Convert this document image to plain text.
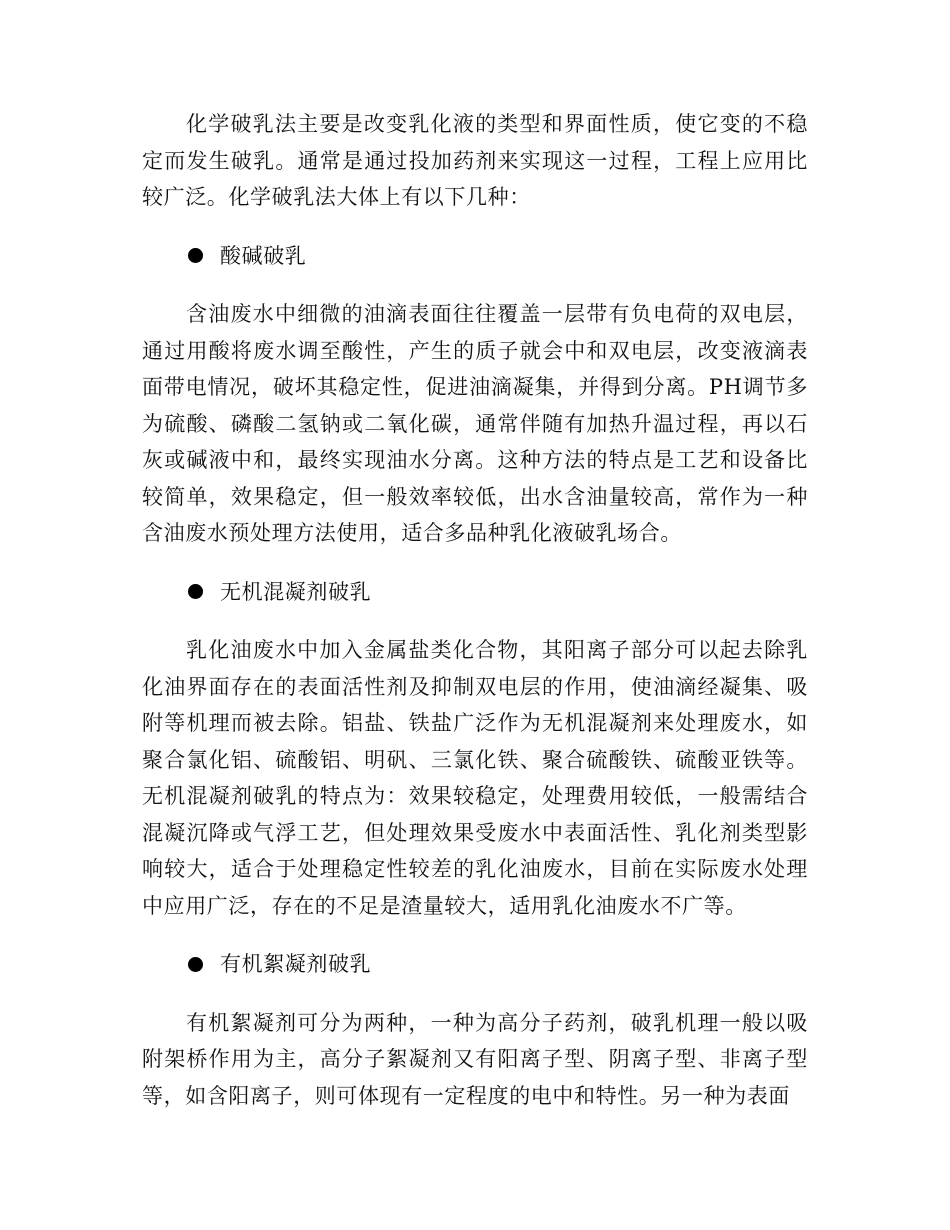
化学破乳法主要是改变乳化液的类型和界面性质，使它变的不稳定而发生破乳。通常是通过投加药剂来实现这一过程，工程上应用比较广泛。化学破乳法大体上有以下几种：

酸碱破乳

含油废水中细微的油滴表面往往覆盖一层带有负电荷的双电层，通过用酸将废水调至酸性，产生的质子就会中和双电层，改变液滴表面带电情况，破坏其稳定性，促进油滴凝集，并得到分离。PH调节多为硫酸、磷酸二氢钠或二氧化碳，通常伴随有加热升温过程，再以石灰或碱液中和，最终实现油水分离。这种方法的特点是工艺和设备比较简单，效果稳定，但一般效率较低，出水含油量较高，常作为一种含油废水预处理方法使用，适合多品种乳化液破乳场合。

无机混凝剂破乳

乳化油废水中加入金属盐类化合物，其阳离子部分可以起去除乳化油界面存在的表面活性剂及抑制双电层的作用，使油滴经凝集、吸附等机理而被去除。铝盐、铁盐广泛作为无机混凝剂来处理废水，如聚合氯化铝、硫酸铝、明矾、三氯化铁、聚合硫酸铁、硫酸亚铁等。无机混凝剂破乳的特点为：效果较稳定，处理费用较低，一般需结合混凝沉降或气浮工艺，但处理效果受废水中表面活性、乳化剂类型影响较大，适合于处理稳定性较差的乳化油废水，目前在实际废水处理中应用广泛，存在的不足是渣量较大，适用乳化油废水不广等。

有机絮凝剂破乳

有机絮凝剂可分为两种，一种为高分子药剂，破乳机理一般以吸附架桥作用为主，高分子絮凝剂又有阳离子型、阴离子型、非离子型等，如含阳离子，则可体现有一定程度的电中和特性。另一种为表面
